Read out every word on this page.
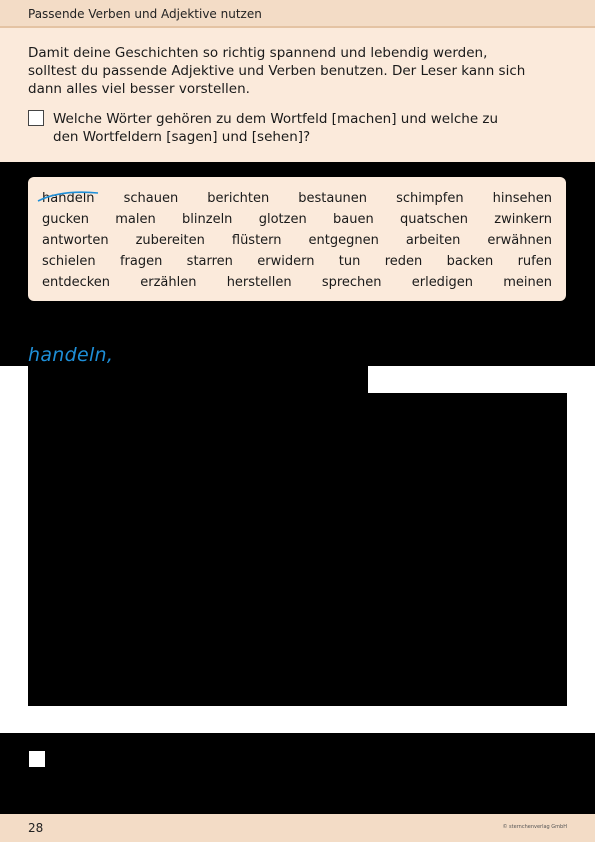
Passende Verben und Adjektive nutzen
Damit deine Geschichten so richtig spannend und lebendig werden, solltest du passende Adjektive und Verben benutzen. Der Leser kann sich dann alles viel besser vorstellen.
Welche Wörter gehören zu dem Wortfeld [machen] und welche zu den Wortfeldern [sagen] und [sehen]?
handeln schauen berichten bestaunen schimpfen hinsehen
gucken malen blinzeln glotzen bauen quatschen zwinkern
antworten zubereiten flüstern entgegnen arbeiten erwähnen
schielen fragen starren erwidern tun reden backen rufen
entdecken erzählen herstellen sprechen erledigen meinen
handeln,
28	© sternchenverlag GmbH
